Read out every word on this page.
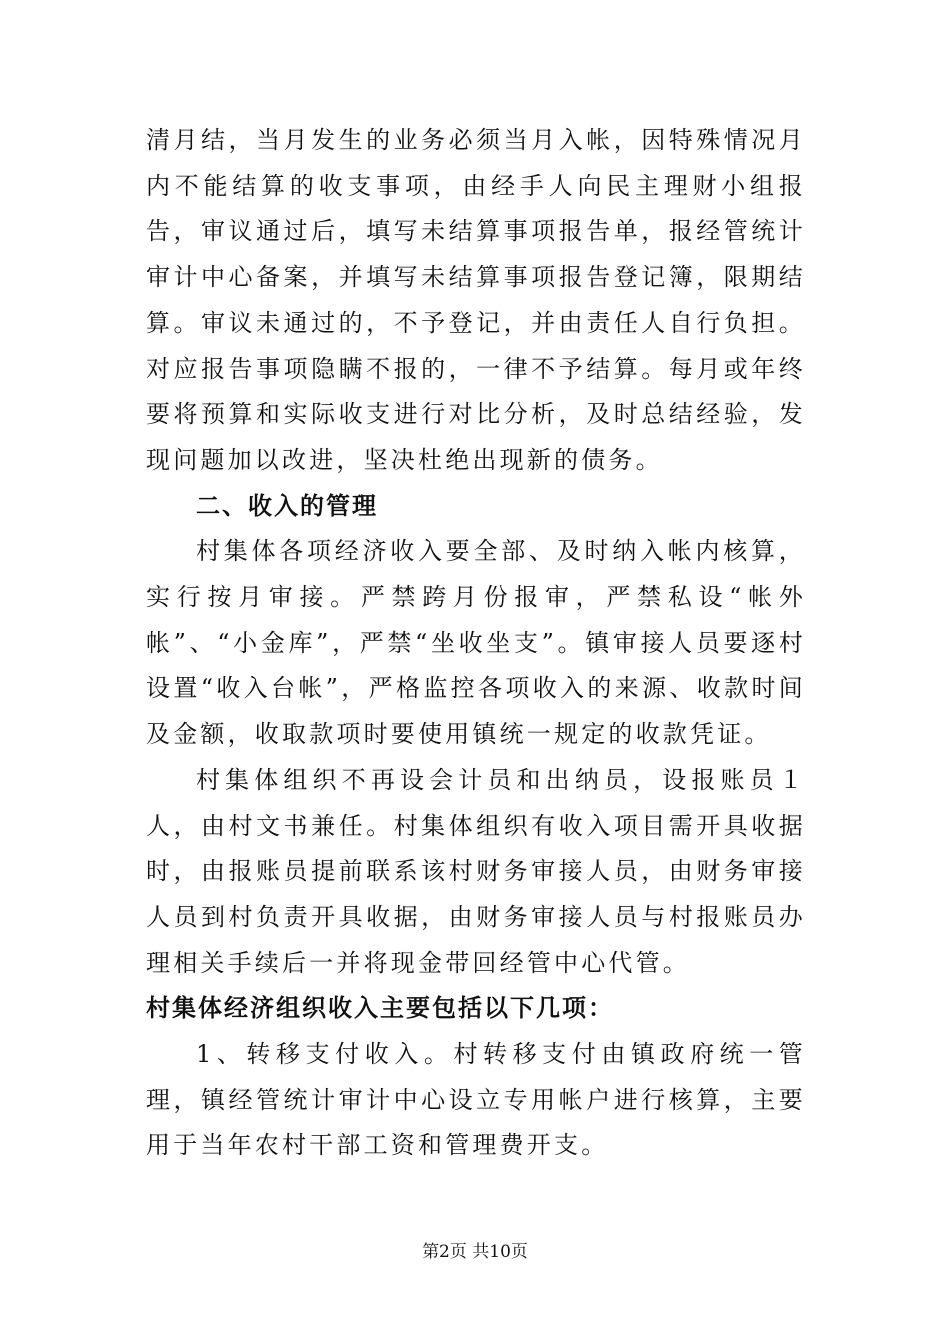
清月结，当月发生的业务必须当月入帐，因特殊情况月内不能结算的收支事项，由经手人向民主理财小组报告，审议通过后，填写未结算事项报告单，报经管统计审计中心备案，并填写未结算事项报告登记簿，限期结算。审议未通过的，不予登记，并由责任人自行负担。对应报告事项隐瞒不报的，一律不予结算。每月或年终要将预算和实际收支进行对比分析，及时总结经验，发现问题加以改进，坚决杜绝出现新的债务。

二、收入的管理

村集体各项经济收入要全部、及时纳入帐内核算，实行按月审接。严禁跨月份报审，严禁私设“帐外帐”、“小金库”，严禁“坐收坐支”。镇审接人员要逐村设置“收入台帐”，严格监控各项收入的来源、收款时间及金额，收取款项时要使用镇统一规定的收款凭证。

村集体组织不再设会计员和出纳员，设报账员１人，由村文书兼任。村集体组织有收入项目需开具收据时，由报账员提前联系该村财务审接人员，由财务审接人员到村负责开具收据，由财务审接人员与村报账员办理相关手续后一并将现金带回经管中心代管。

村集体经济组织收入主要包括以下几项：

1、转移支付收入。村转移支付由镇政府统一管理，镇经管统计审计中心设立专用帐户进行核算，主要用于当年农村干部工资和管理费开支。

第2页 共10页
